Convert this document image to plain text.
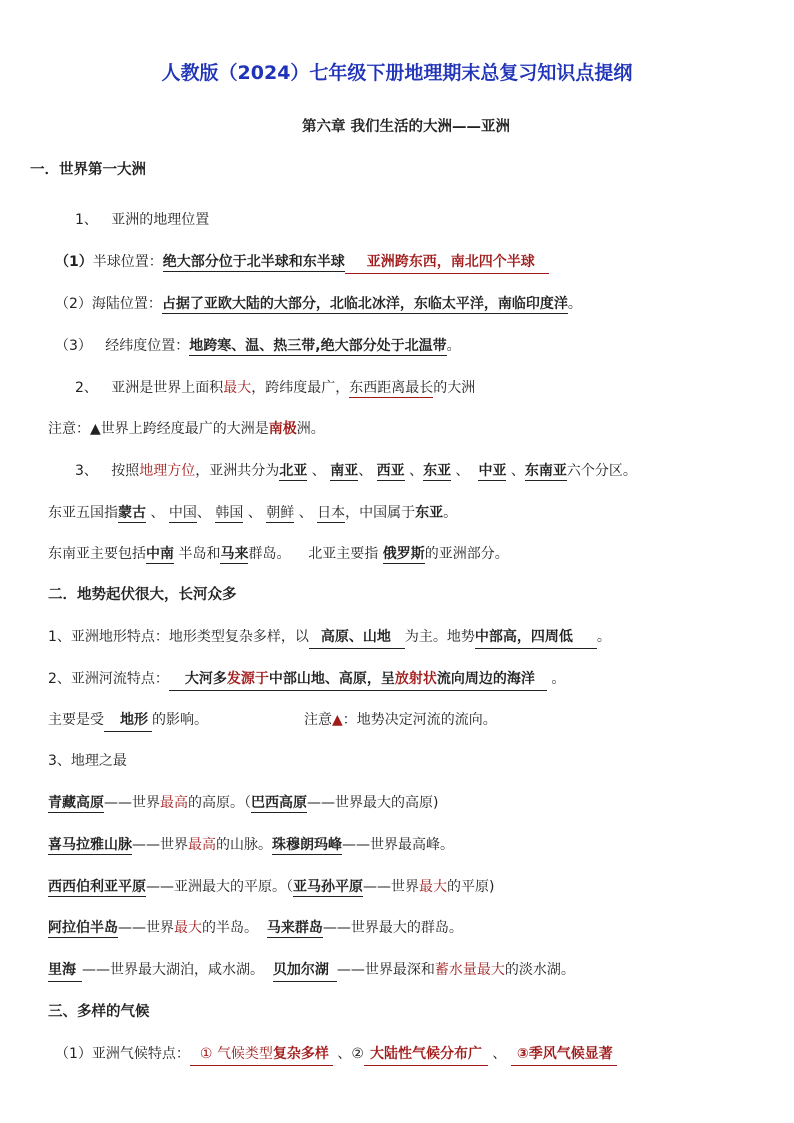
人教版（2024）七年级下册地理期末总复习知识点提纲
第六章 我们生活的大洲——亚洲
一．世界第一大洲
1、 亚洲的地理位置
（1）半球位置：绝大部分位于北半球和东半球 亚洲跨东西，南北四个半球
（2）海陆位置：占据了亚欧大陆的大部分，北临北冰洋，东临太平洋，南临印度洋。
（3） 经纬度位置：地跨寒、温、热三带,绝大部分处于北温带。
2、 亚洲是世界上面积最大，跨纬度最广，东西距离最长的大洲
注意：▲世界上跨经度最广的大洲是南极洲。
3、 按照地理方位，亚洲共分为北亚 、 南亚、 西亚 、东亚 、 中亚 、东南亚六个分区。
东亚五国指蒙古 、 中国、 韩国 、 朝鲜 、 日本，中国属于东亚。
东南亚主要包括中南 半岛和马来群岛。 北亚主要指 俄罗斯的亚洲部分。
二．地势起伏很大，长河众多
1、亚洲地形特点：地形类型复杂多样，以 高原、山地 为主。地势中部高，四周低 。
2、亚洲河流特点： 大河多发源于中部山地、高原，呈放射状流向周边的海洋 。
主要是受 地形 的影响。	注意▲：地势决定河流的流向。
3、地理之最
青藏高原——世界最高的高原。（巴西高原——世界最大的高原)
喜马拉雅山脉——世界最高的山脉。珠穆朗玛峰——世界最高峰。
西西伯利亚平原——亚洲最大的平原。（亚马孙平原——世界最大的平原)
阿拉伯半岛——世界最大的半岛。 马来群岛——世界最大的群岛。
里海 ——世界最大湖泊，咸水湖。 贝加尔湖 ——世界最深和蓄水量最大的淡水湖。
三、多样的气候
（1）亚洲气候特点： ① 气候类型复杂多样 、② 大陆性气候分布广 、 ③季风气候显著
